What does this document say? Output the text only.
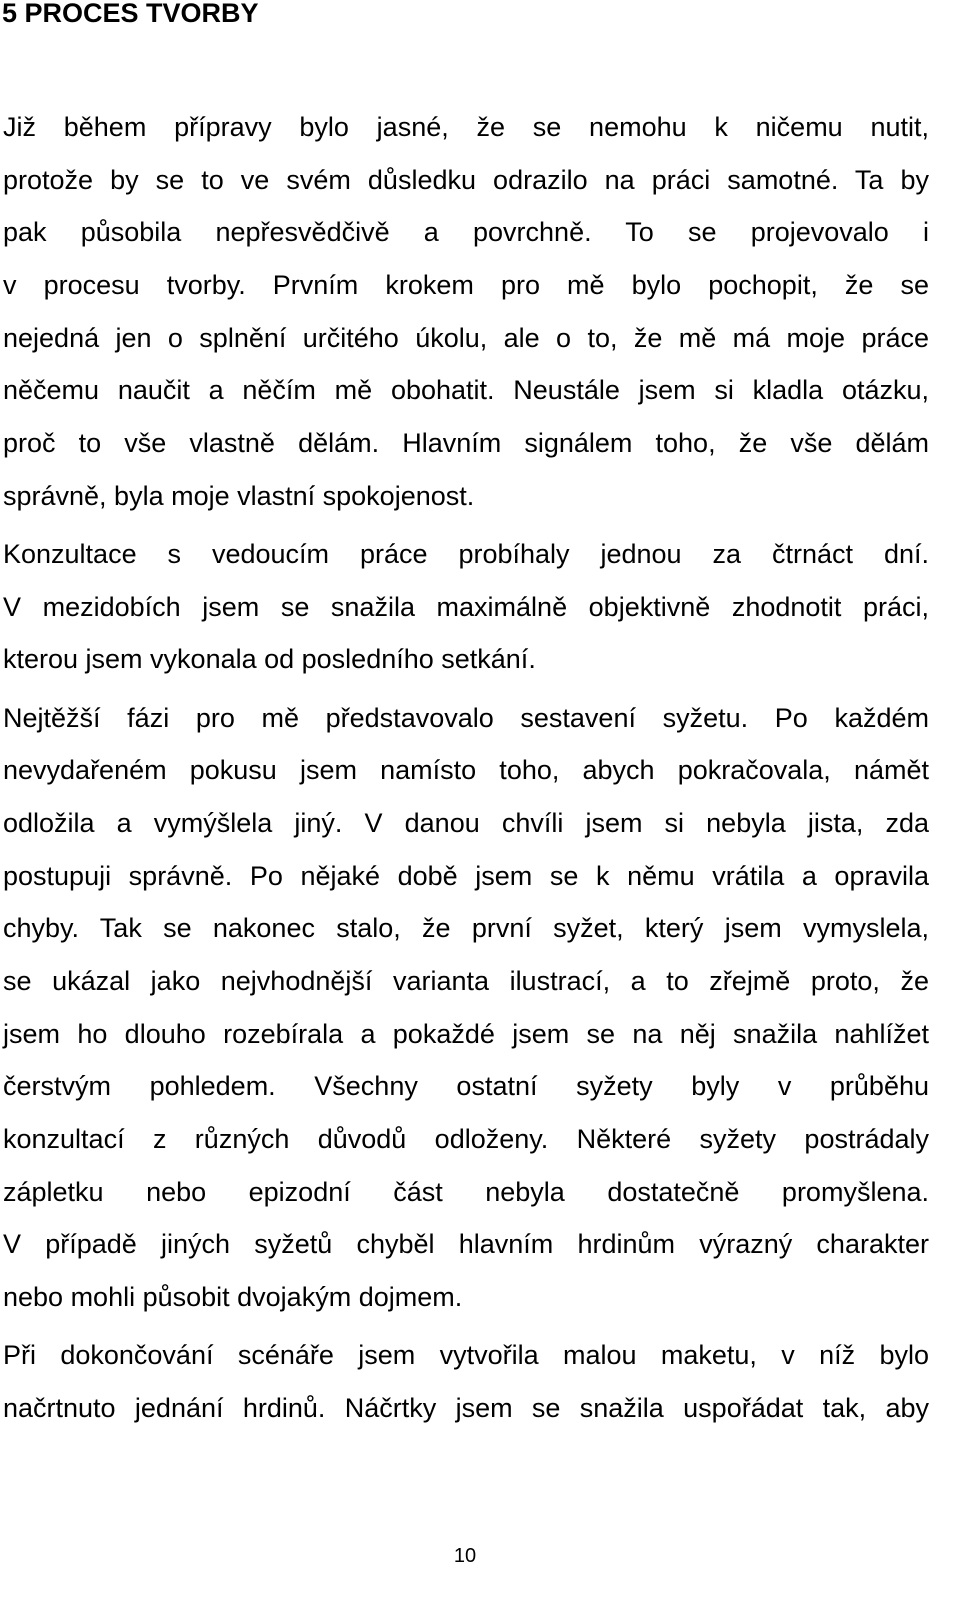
5 PROCES TVORBY
Již během přípravy bylo jasné, že se nemohu k ničemu nutit,
protože by se to ve svém důsledku odrazilo na práci samotné. Ta by
pak působila nepřesvědčivě a povrchně. To se projevovalo i
v procesu tvorby. Prvním krokem pro mě bylo pochopit, že se
nejedná jen o splnění určitého úkolu, ale o to, že mě má moje práce
něčemu naučit a něčím mě obohatit. Neustále jsem si kladla otázku,
proč to vše vlastně dělám. Hlavním signálem toho, že vše dělám
správně, byla moje vlastní spokojenost.
Konzultace s vedoucím práce probíhaly jednou za čtrnáct dní.
V mezidobích jsem se snažila maximálně objektivně zhodnotit práci,
kterou jsem vykonala od posledního setkání.
Nejtěžší fázi pro mě představovalo sestavení syžetu. Po každém
nevydařeném pokusu jsem namísto toho, abych pokračovala, námět
odložila a vymýšlela jiný. V danou chvíli jsem si nebyla jista, zda
postupuji správně. Po nějaké době jsem se k němu vrátila a opravila
chyby. Tak se nakonec stalo, že první syžet, který jsem vymyslela,
se ukázal jako nejvhodnější varianta ilustrací, a to zřejmě proto, že
jsem ho dlouho rozebírala a pokaždé jsem se na něj snažila nahlížet
čerstvým pohledem. Všechny ostatní syžety byly v průběhu
konzultací z různých důvodů odloženy. Některé syžety postrádaly
zápletku nebo epizodní část nebyla dostatečně promyšlena.
V případě jiných syžetů chyběl hlavním hrdinům výrazný charakter
nebo mohli působit dvojakým dojmem.
Při dokončování scénáře jsem vytvořila malou maketu, v níž bylo
načrtnuto jednání hrdinů. Náčrtky jsem se snažila uspořádat tak, aby
10
